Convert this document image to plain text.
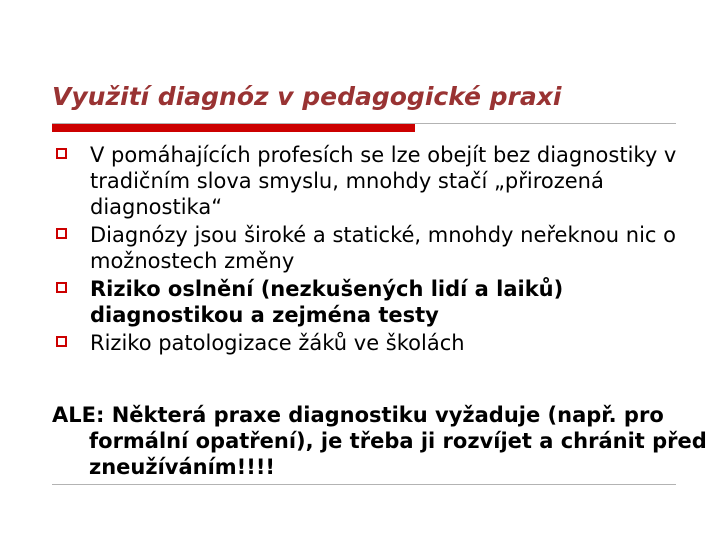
Využití diagnóz v pedagogické praxi
V pomáhajících profesích se lze obejít bez diagnostiky v tradičním slova smyslu, mnohdy stačí „přirozená diagnostika“
Diagnózy jsou široké a statické, mnohdy neřeknou nic o možnostech změny
Riziko oslnění (nezkušených lidí a laiků) diagnostikou a zejména testy
Riziko patologizace žáků ve školách
ALE: Některá praxe diagnostiku vyžaduje (např. pro formální opatření), je třeba ji rozvíjet a chránit před zneužíváním!!!!
